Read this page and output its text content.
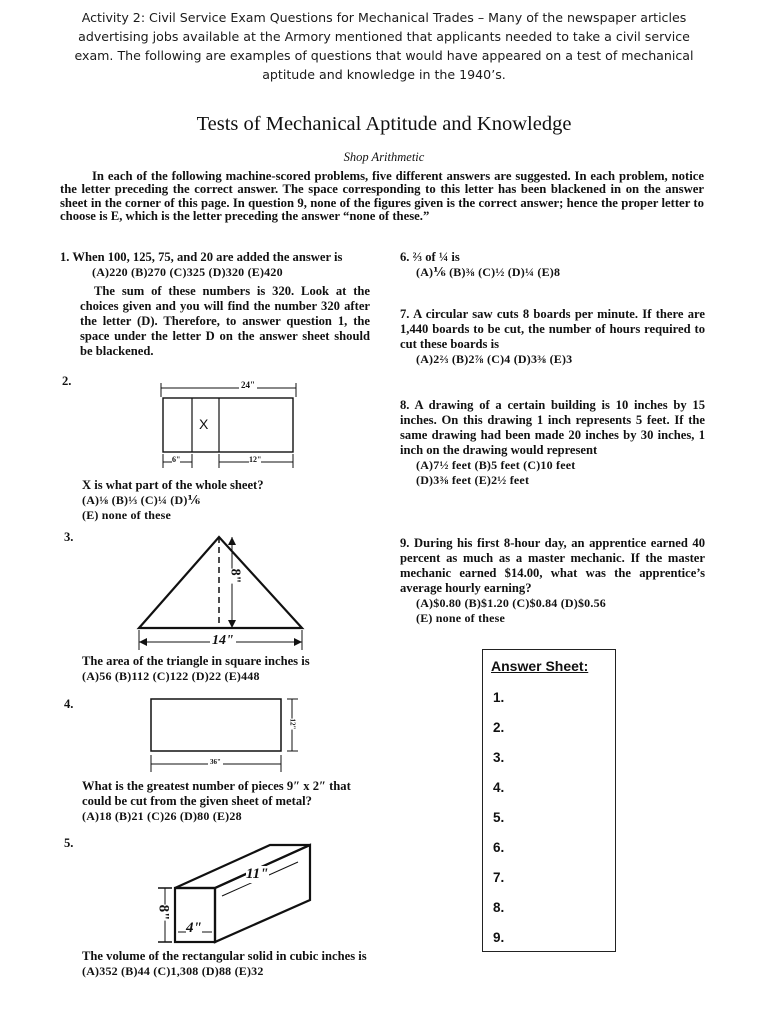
Activity 2: Civil Service Exam Questions for Mechanical Trades – Many of the newspaper articles advertising jobs available at the Armory mentioned that applicants needed to take a civil service exam. The following are examples of questions that would have appeared on a test of mechanical aptitude and knowledge in the 1940’s.
Tests of Mechanical Aptitude and Knowledge
Shop Arithmetic
In each of the following machine-scored problems, five different answers are suggested. In each problem, notice the letter preceding the correct answer. The space corresponding to this letter has been blackened in on the answer sheet in the corner of this page. In question 9, none of the figures given is the correct answer; hence the proper letter to choose is E, which is the letter preceding the answer “none of these.”
1. When 100, 125, 75, and 20 are added the answer is
(A)220 (B)270 (C)325 (D)320 (E)420
The sum of these numbers is 320. Look at the choices given and you will find the number 320 after the letter (D). Therefore, to answer question 1, the space under the letter D on the answer sheet should be blackened.
2.	24"
X
6"	12"
X is what part of the whole sheet?
(A)⅛ (B)⅓ (C)¼ (D)⅙
(E) none of these
3.
8"
14"
The area of the triangle in square inches is
(A)56 (B)112 (C)122 (D)22 (E)448
4.
12"
36"
What is the greatest number of pieces 9″ x 2″ that could be cut from the given sheet of metal?
(A)18 (B)21 (C)26 (D)80 (E)28
5.
11"
8"
4"
The volume of the rectangular solid in cubic inches is
(A)352 (B)44 (C)1,308 (D)88 (E)32
6. ⅔ of ¼ is
(A)⅙ (B)⅜ (C)½ (D)¼ (E)8
7. A circular saw cuts 8 boards per minute. If there are 1,440 boards to be cut, the number of hours required to cut these boards is
(A)2⅔ (B)2⅞ (C)4 (D)3⅜ (E)3
8. A drawing of a certain building is 10 inches by 15 inches. On this drawing 1 inch represents 5 feet. If the same drawing had been made 20 inches by 30 inches, 1 inch on the drawing would represent
(A)7½ feet (B)5 feet (C)10 feet
(D)3⅜ feet (E)2½ feet
9. During his first 8-hour day, an apprentice earned 40 percent as much as a master mechanic. If the master mechanic earned $14.00, what was the apprentice’s average hourly earning?
(A)$0.80 (B)$1.20 (C)$0.84 (D)$0.56
(E) none of these
Answer Sheet:
1.
2.
3.
4.
5.
6.
7.
8.
9.
